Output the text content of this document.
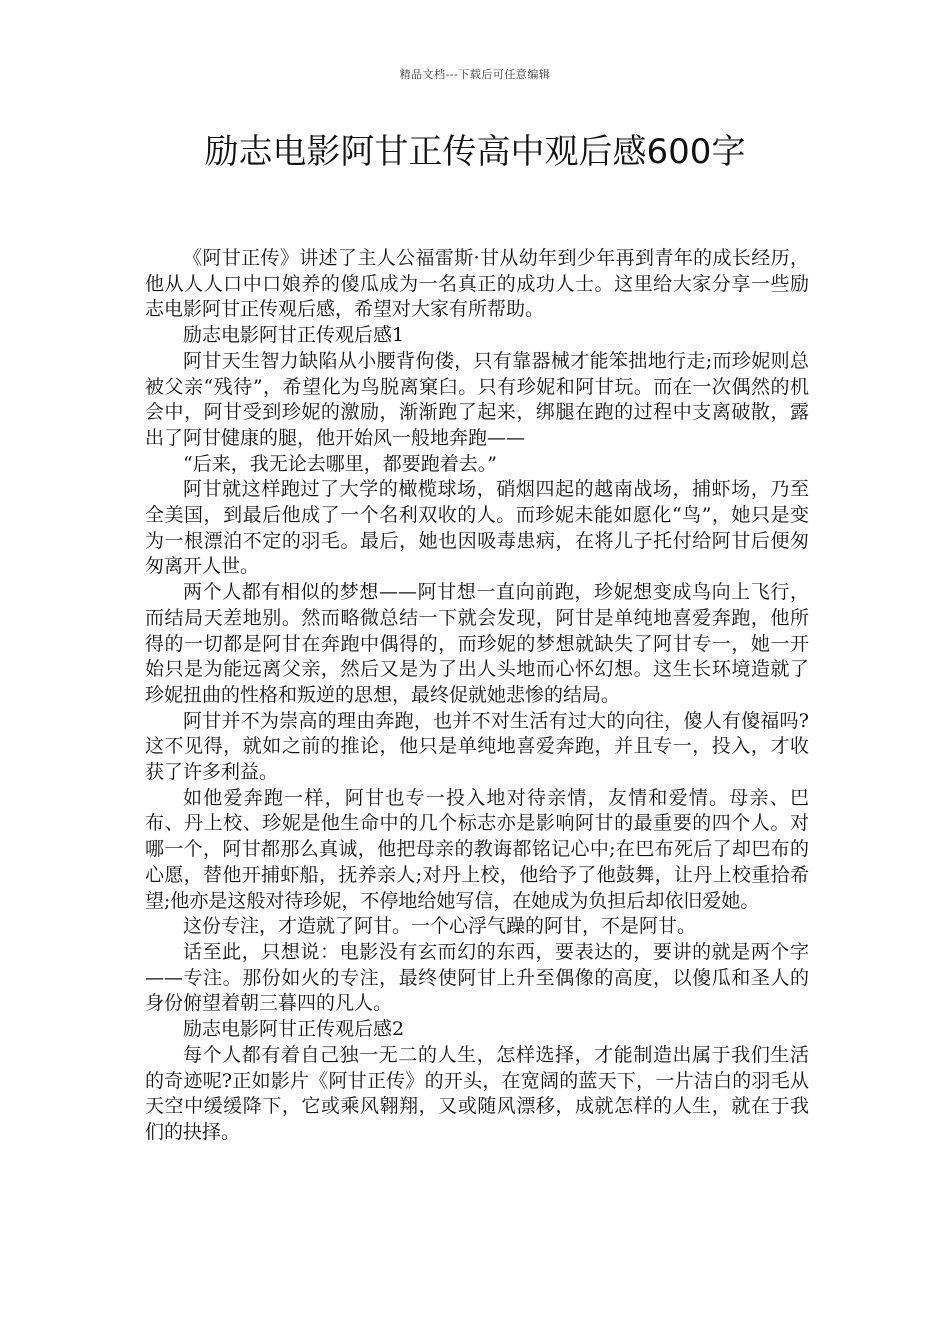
精品文档---下载后可任意编辑
励志电影阿甘正传高中观后感600字

《阿甘正传》讲述了主人公福雷斯·甘从幼年到少年再到青年的成长经历，他从人人口中口娘养的傻瓜成为一名真正的成功人士。这里给大家分享一些励志电影阿甘正传观后感，希望对大家有所帮助。

励志电影阿甘正传观后感1

阿甘天生智力缺陷从小腰背佝偻，只有靠器械才能笨拙地行走;而珍妮则总被父亲“残待”，希望化为鸟脱离窠臼。只有珍妮和阿甘玩。而在一次偶然的机会中，阿甘受到珍妮的激励，渐渐跑了起来，绑腿在跑的过程中支离破散，露出了阿甘健康的腿，他开始风一般地奔跑——

“后来，我无论去哪里，都要跑着去。”

阿甘就这样跑过了大学的橄榄球场，硝烟四起的越南战场，捕虾场，乃至全美国，到最后他成了一个名利双收的人。而珍妮未能如愿化“鸟”，她只是变为一根漂泊不定的羽毛。最后，她也因吸毒患病，在将儿子托付给阿甘后便匆匆离开人世。

两个人都有相似的梦想——阿甘想一直向前跑，珍妮想变成鸟向上飞行，而结局天差地别。然而略微总结一下就会发现，阿甘是单纯地喜爱奔跑，他所得的一切都是阿甘在奔跑中偶得的，而珍妮的梦想就缺失了阿甘专一，她一开始只是为能远离父亲，然后又是为了出人头地而心怀幻想。这生长环境造就了珍妮扭曲的性格和叛逆的思想，最终促就她悲惨的结局。

阿甘并不为崇高的理由奔跑，也并不对生活有过大的向往，傻人有傻福吗?这不见得，就如之前的推论，他只是单纯地喜爱奔跑，并且专一，投入，才收获了许多利益。

如他爱奔跑一样，阿甘也专一投入地对待亲情，友情和爱情。母亲、巴布、丹上校、珍妮是他生命中的几个标志亦是影响阿甘的最重要的四个人。对哪一个，阿甘都那么真诚，他把母亲的教诲都铭记心中;在巴布死后了却巴布的心愿，替他开捕虾船，抚养亲人;对丹上校，他给予了他鼓舞，让丹上校重拾希望;他亦是这般对待珍妮，不停地给她写信，在她成为负担后却依旧爱她。

这份专注，才造就了阿甘。一个心浮气躁的阿甘，不是阿甘。

话至此，只想说：电影没有玄而幻的东西，要表达的，要讲的就是两个字——专注。那份如火的专注，最终使阿甘上升至偶像的高度，以傻瓜和圣人的身份俯望着朝三暮四的凡人。

励志电影阿甘正传观后感2

每个人都有着自己独一无二的人生，怎样选择，才能制造出属于我们生活的奇迹呢?正如影片《阿甘正传》的开头，在宽阔的蓝天下，一片洁白的羽毛从天空中缓缓降下，它或乘风翱翔，又或随风漂移，成就怎样的人生，就在于我们的抉择。
